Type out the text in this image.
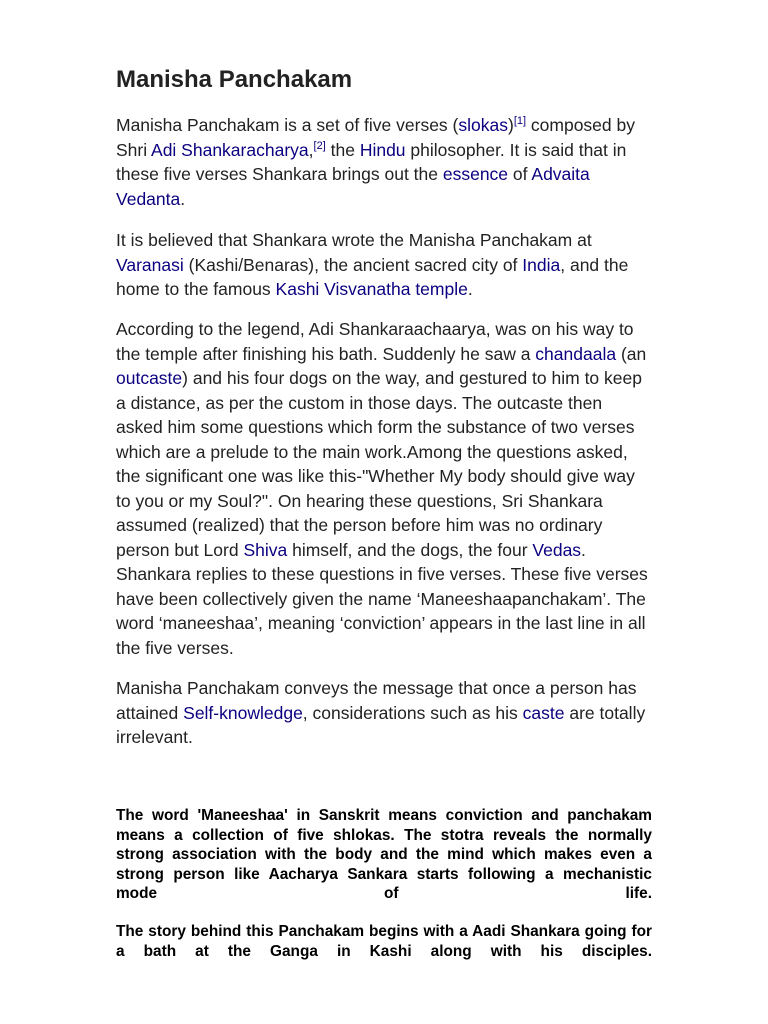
Manisha Panchakam

Manisha Panchakam is a set of five verses (slokas)[1] composed by Shri Adi Shankaracharya,[2] the Hindu philosopher. It is said that in these five verses Shankara brings out the essence of Advaita Vedanta.

It is believed that Shankara wrote the Manisha Panchakam at Varanasi (Kashi/Benaras), the ancient sacred city of India, and the home to the famous Kashi Visvanatha temple.

According to the legend, Adi Shankaraachaarya, was on his way to the temple after finishing his bath. Suddenly he saw a chandaala (an outcaste) and his four dogs on the way, and gestured to him to keep a distance, as per the custom in those days. The outcaste then asked him some questions which form the substance of two verses which are a prelude to the main work.Among the questions asked, the significant one was like this-"Whether My body should give way to you or my Soul?". On hearing these questions, Sri Shankara assumed (realized) that the person before him was no ordinary person but Lord Shiva himself, and the dogs, the four Vedas. Shankara replies to these questions in five verses. These five verses have been collectively given the name ‘Maneeshaapanchakam’. The word ‘maneeshaa’, meaning ‘conviction’ appears in the last line in all the five verses.

Manisha Panchakam conveys the message that once a person has attained Self-knowledge, considerations such as his caste are totally irrelevant.

The word 'Maneeshaa' in Sanskrit means conviction and panchakam means a collection of five shlokas. The stotra reveals the normally strong association with the body and the mind which makes even a strong person like Aacharya Sankara starts following a mechanistic mode of life.

The story behind this Panchakam begins with a Aadi Shankara going for a bath at the Ganga in Kashi along with his disciples.
